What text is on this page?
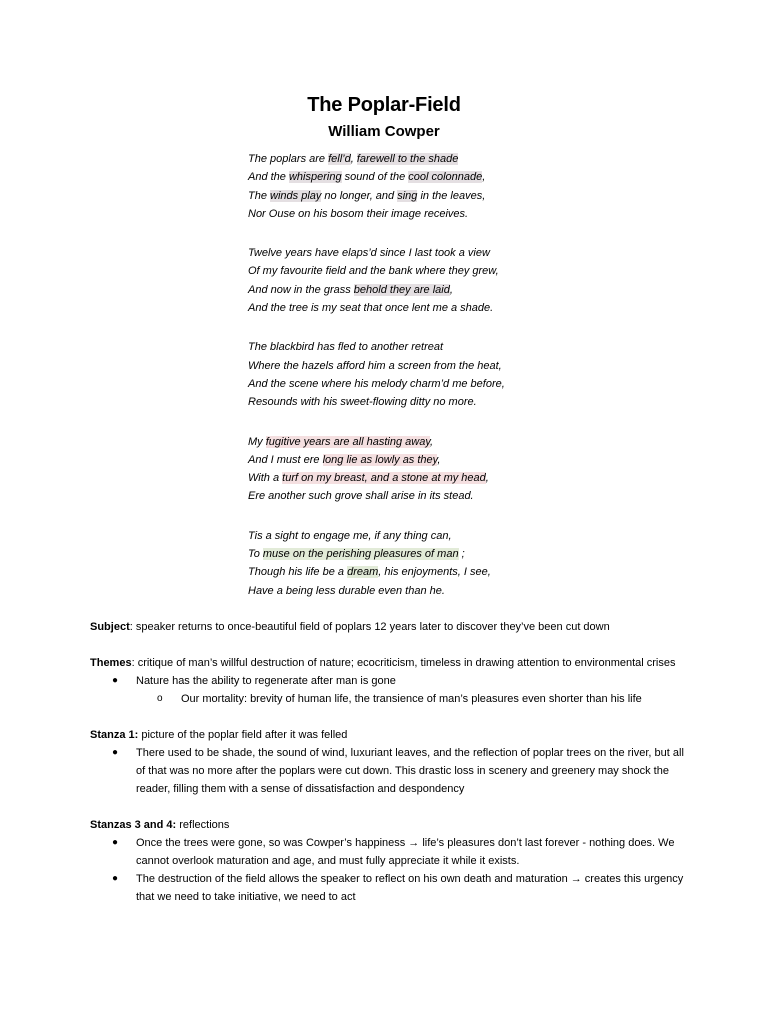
The Poplar-Field
William Cowper
The poplars are fell’d, farewell to the shade
And the whispering sound of the cool colonnade,
The winds play no longer, and sing in the leaves,
Nor Ouse on his bosom their image receives.
Twelve years have elaps’d since I last took a view
Of my favourite field and the bank where they grew,
And now in the grass behold they are laid,
And the tree is my seat that once lent me a shade.
The blackbird has fled to another retreat
Where the hazels afford him a screen from the heat,
And the scene where his melody charm’d me before,
Resounds with his sweet-flowing ditty no more.
My fugitive years are all hasting away,
And I must ere long lie as lowly as they,
With a turf on my breast, and a stone at my head,
Ere another such grove shall arise in its stead.
Tis a sight to engage me, if any thing can,
To muse on the perishing pleasures of man ;
Though his life be a dream, his enjoyments, I see,
Have a being less durable even than he.
Subject: speaker returns to once-beautiful field of poplars 12 years later to discover they’ve been cut down
Themes: critique of man’s willful destruction of nature; ecocriticism, timeless in drawing attention to environmental crises
● Nature has the ability to regenerate after man is gone
o Our mortality: brevity of human life, the transience of man’s pleasures even shorter than his life
Stanza 1: picture of the poplar field after it was felled
● There used to be shade, the sound of wind, luxuriant leaves, and the reflection of poplar trees on the river, but all of that was no more after the poplars were cut down. This drastic loss in scenery and greenery may shock the reader, filling them with a sense of dissatisfaction and despondency
Stanzas 3 and 4: reflections
● Once the trees were gone, so was Cowper’s happiness → life’s pleasures don’t last forever - nothing does. We cannot overlook maturation and age, and must fully appreciate it while it exists.
● The destruction of the field allows the speaker to reflect on his own death and maturation → creates this urgency that we need to take initiative, we need to act
